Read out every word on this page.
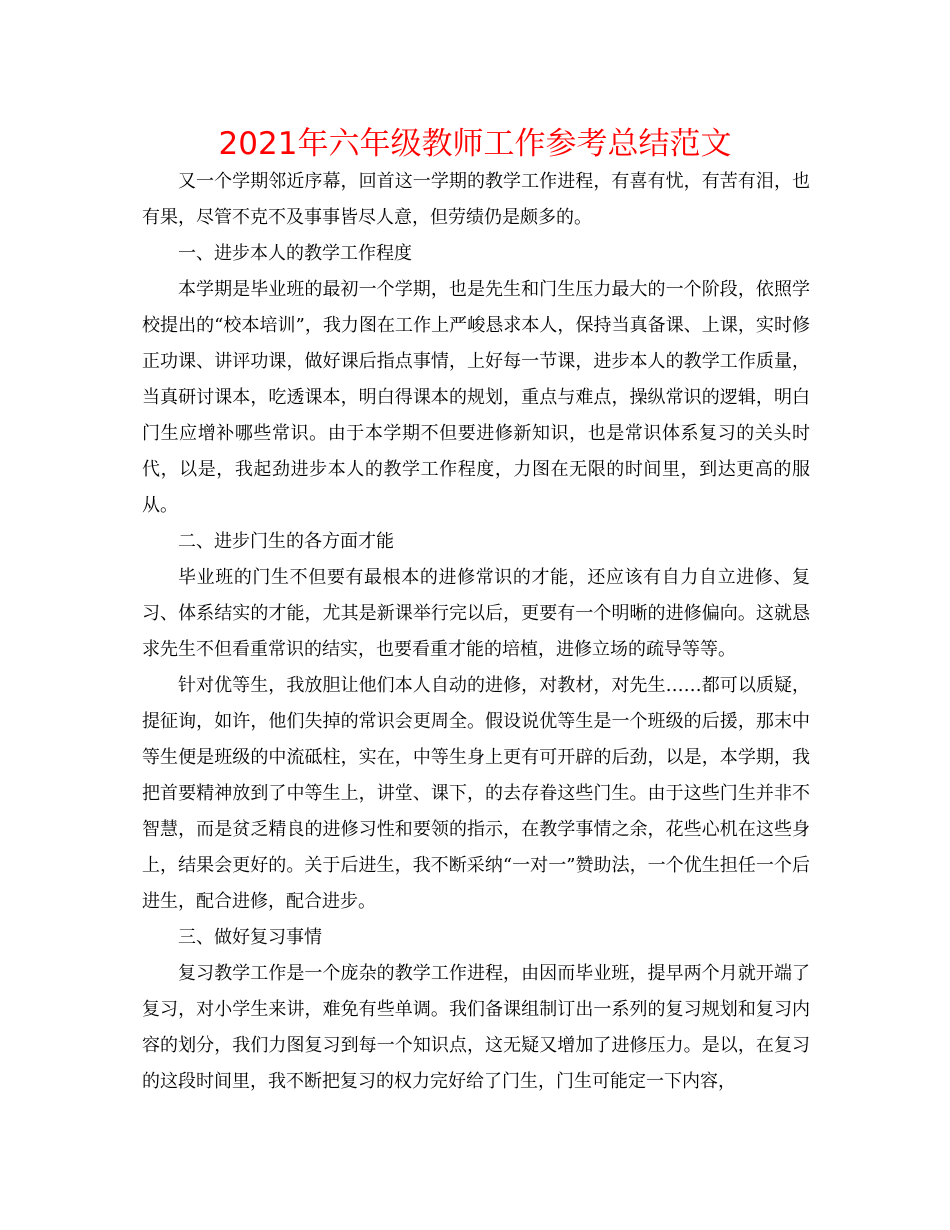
2021年六年级教师工作参考总结范文

又一个学期邻近序幕，回首这一学期的教学工作进程，有喜有忧，有苦有泪，也有果，尽管不克不及事事皆尽人意，但劳绩仍是颇多的。

一、进步本人的教学工作程度

本学期是毕业班的最初一个学期，也是先生和门生压力最大的一个阶段，依照学校提出的“校本培训”，我力图在工作上严峻恳求本人，保持当真备课、上课，实时修正功课、讲评功课，做好课后指点事情，上好每一节课，进步本人的教学工作质量，当真研讨课本，吃透课本，明白得课本的规划，重点与难点，操纵常识的逻辑，明白门生应增补哪些常识。由于本学期不但要进修新知识，也是常识体系复习的关头时代，以是，我起劲进步本人的教学工作程度，力图在无限的时间里，到达更高的服从。

二、进步门生的各方面才能

毕业班的门生不但要有最根本的进修常识的才能，还应该有自力自立进修、复习、体系结实的才能，尤其是新课举行完以后，更要有一个明晰的进修偏向。这就恳求先生不但看重常识的结实，也要看重才能的培植，进修立场的疏导等等。

针对优等生，我放胆让他们本人自动的进修，对教材，对先生……都可以质疑，提征询，如许，他们失掉的常识会更周全。假设说优等生是一个班级的后援，那末中等生便是班级的中流砥柱，实在，中等生身上更有可开辟的后劲，以是，本学期，我把首要精神放到了中等生上，讲堂、课下，的去存眷这些门生。由于这些门生并非不智慧，而是贫乏精良的进修习性和要领的指示，在教学事情之余，花些心机在这些身上，结果会更好的。关于后进生，我不断采纳“一对一”赞助法，一个优生担任一个后进生，配合进修，配合进步。

三、做好复习事情

复习教学工作是一个庞杂的教学工作进程，由因而毕业班，提早两个月就开端了复习，对小学生来讲，难免有些单调。我们备课组制订出一系列的复习规划和复习内容的划分，我们力图复习到每一个知识点，这无疑又增加了进修压力。是以，在复习的这段时间里，我不断把复习的权力完好给了门生，门生可能定一下内容，
